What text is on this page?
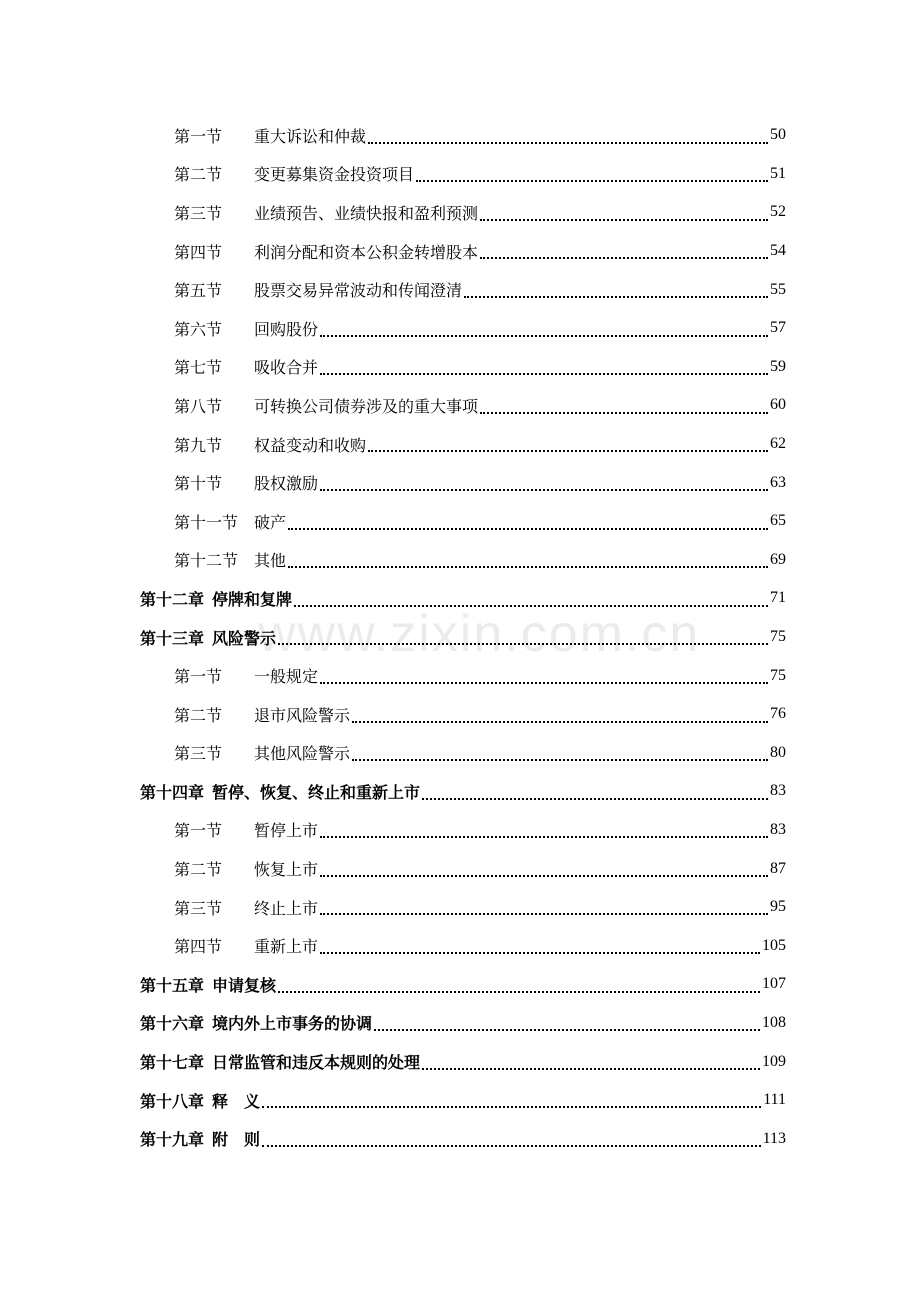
第一节	重大诉讼和仲裁	50
第二节	变更募集资金投资项目	51
第三节	业绩预告、业绩快报和盈利预测	52
第四节	利润分配和资本公积金转增股本	54
第五节	股票交易异常波动和传闻澄清	55
第六节	回购股份	57
第七节	吸收合并	59
第八节	可转换公司债券涉及的重大事项	60
第九节	权益变动和收购	62
第十节	股权激励	63
第十一节 破产	65
第十二节 其他	69
第十二章 停牌和复牌	71
第十三章 风险警示	75
第一节	一般规定	75
第二节	退市风险警示	76
第三节	其他风险警示	80
第十四章 暂停、恢复、终止和重新上市	83
第一节	暂停上市	83
第二节	恢复上市	87
第三节	终止上市	95
第四节	重新上市	105
第十五章 申请复核	107
第十六章 境内外上市事务的协调	108
第十七章 日常监管和违反本规则的处理	109
第十八章 释　义	111
第十九章 附　则	113
www.zixin.com.cn
